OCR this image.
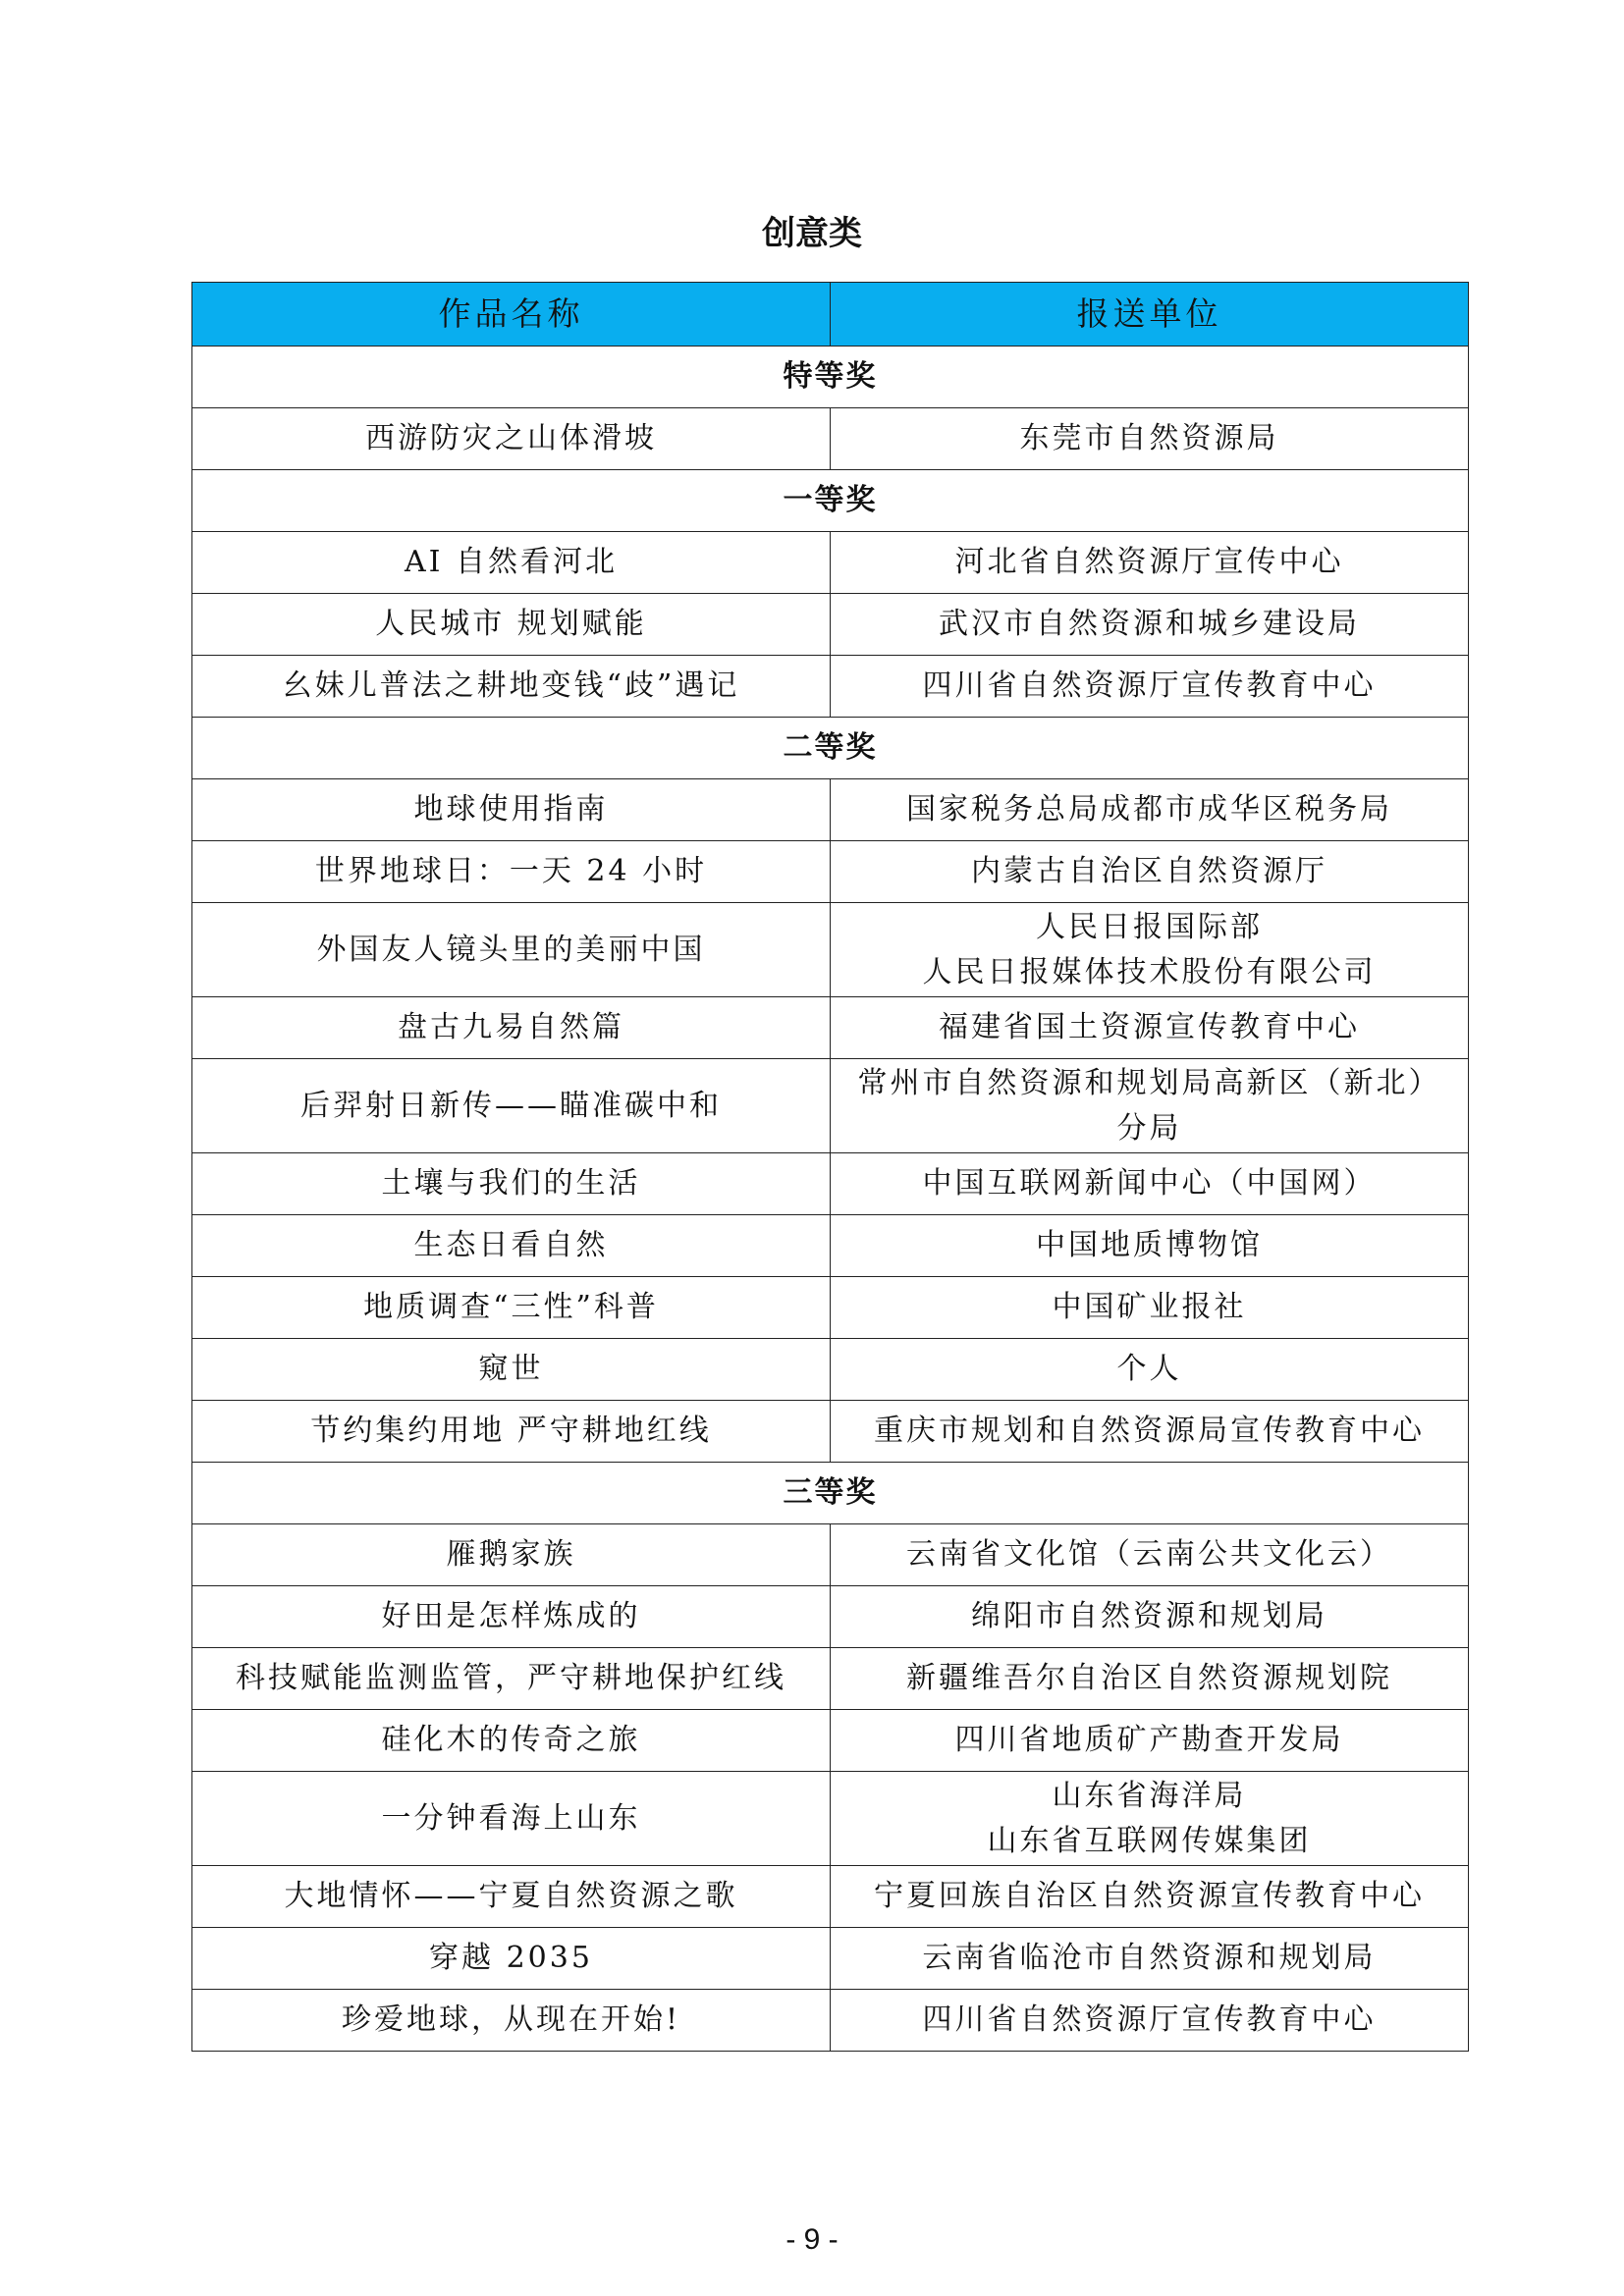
创意类
作品名称	报送单位
特等奖	
西游防灾之山体滑坡	东莞市自然资源局

一等奖	
AI 自然看河北	河北省自然资源厅宣传中心

人民城市 规划赋能	武汉市自然资源和城乡建设局

幺妹儿普法之耕地变钱“歧”遇记	四川省自然资源厅宣传教育中心

二等奖	
地球使用指南	国家税务总局成都市成华区税务局

世界地球日：一天 24 小时	内蒙古自治区自然资源厅

外国友人镜头里的美丽中国	人民日报国际部
人民日报媒体技术股份有限公司

盘古九易自然篇	福建省国土资源宣传教育中心

后羿射日新传——瞄准碳中和	常州市自然资源和规划局高新区（新北）
分局

土壤与我们的生活	中国互联网新闻中心（中国网）

生态日看自然	中国地质博物馆

地质调查“三性”科普	中国矿业报社

窥世	个人

节约集约用地 严守耕地红线	重庆市规划和自然资源局宣传教育中心

三等奖	
雁鹅家族	云南省文化馆（云南公共文化云）

好田是怎样炼成的	绵阳市自然资源和规划局

科技赋能监测监管，严守耕地保护红线	新疆维吾尔自治区自然资源规划院

硅化木的传奇之旅	四川省地质矿产勘查开发局

一分钟看海上山东	山东省海洋局
山东省互联网传媒集团

大地情怀——宁夏自然资源之歌	宁夏回族自治区自然资源宣传教育中心

穿越 2035	云南省临沧市自然资源和规划局

珍爱地球，从现在开始!	四川省自然资源厅宣传教育中心
- 9 -
